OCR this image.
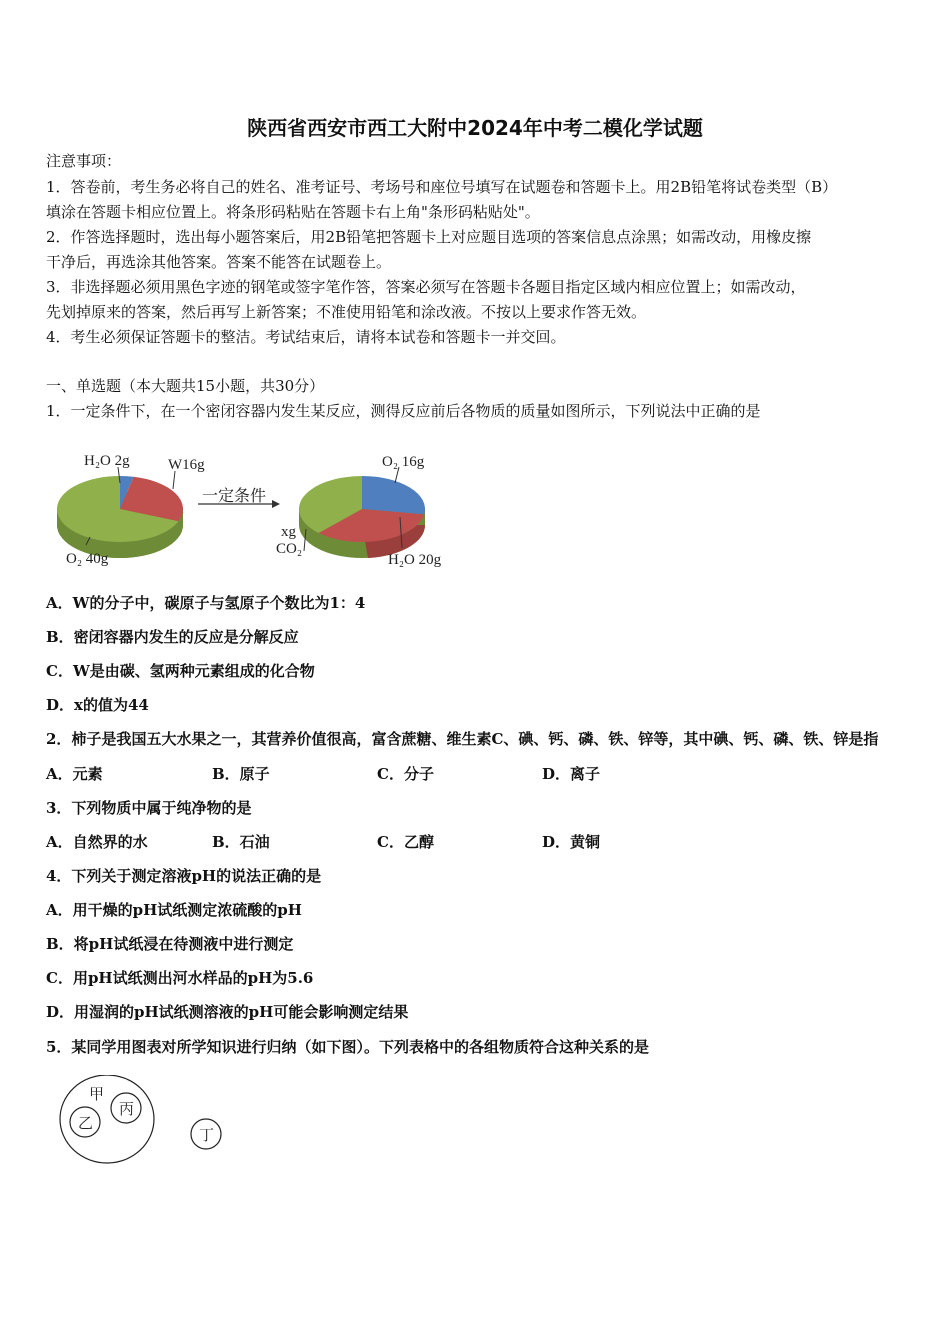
陕西省西安市西工大附中2024年中考二模化学试题
注意事项：
1．答卷前，考生务必将自己的姓名、准考证号、考场号和座位号填写在试题卷和答题卡上。用2B铅笔将试卷类型（B）
填涂在答题卡相应位置上。将条形码粘贴在答题卡右上角"条形码粘贴处"。
2．作答选择题时，选出每小题答案后，用2B铅笔把答题卡上对应题目选项的答案信息点涂黑；如需改动，用橡皮擦
干净后，再选涂其他答案。答案不能答在试题卷上。
3．非选择题必须用黑色字迹的钢笔或签字笔作答，答案必须写在答题卡各题目指定区域内相应位置上；如需改动，
先划掉原来的答案，然后再写上新答案；不准使用铅笔和涂改液。不按以上要求作答无效。
4．考生必须保证答题卡的整洁。考试结束后，请将本试卷和答题卡一并交回。
一、单选题（本大题共15小题，共30分）
1．一定条件下，在一个密闭容器内发生某反应，测得反应前后各物质的质量如图所示，下列说法中正确的是
H₂O 2g	W16g
O₂ 40g
一定条件
O₂ 16g
xg
CO₂
H₂O 20g
A．W的分子中，碳原子与氢原子个数比为1：4
B．密闭容器内发生的反应是分解反应
C．W是由碳、氢两种元素组成的化合物
D．x的值为44
2．柿子是我国五大水果之一，其营养价值很高，富含蔗糖、维生素C、碘、钙、磷、铁、锌等，其中碘、钙、磷、铁、锌是指
A．元素	B．原子	C．分子	D．离子
3．下列物质中属于纯净物的是
A．自然界的水	B．石油	C．乙醇	D．黄铜
4．下列关于测定溶液pH的说法正确的是
A．用干燥的pH试纸测定浓硫酸的pH
B．将pH试纸浸在待测液中进行测定
C．用pH试纸测出河水样品的pH为5.6
D．用湿润的pH试纸测溶液的pH可能会影响测定结果
5．某同学用图表对所学知识进行归纳（如下图）。下列表格中的各组物质符合这种关系的是
甲
乙
丙
丁
